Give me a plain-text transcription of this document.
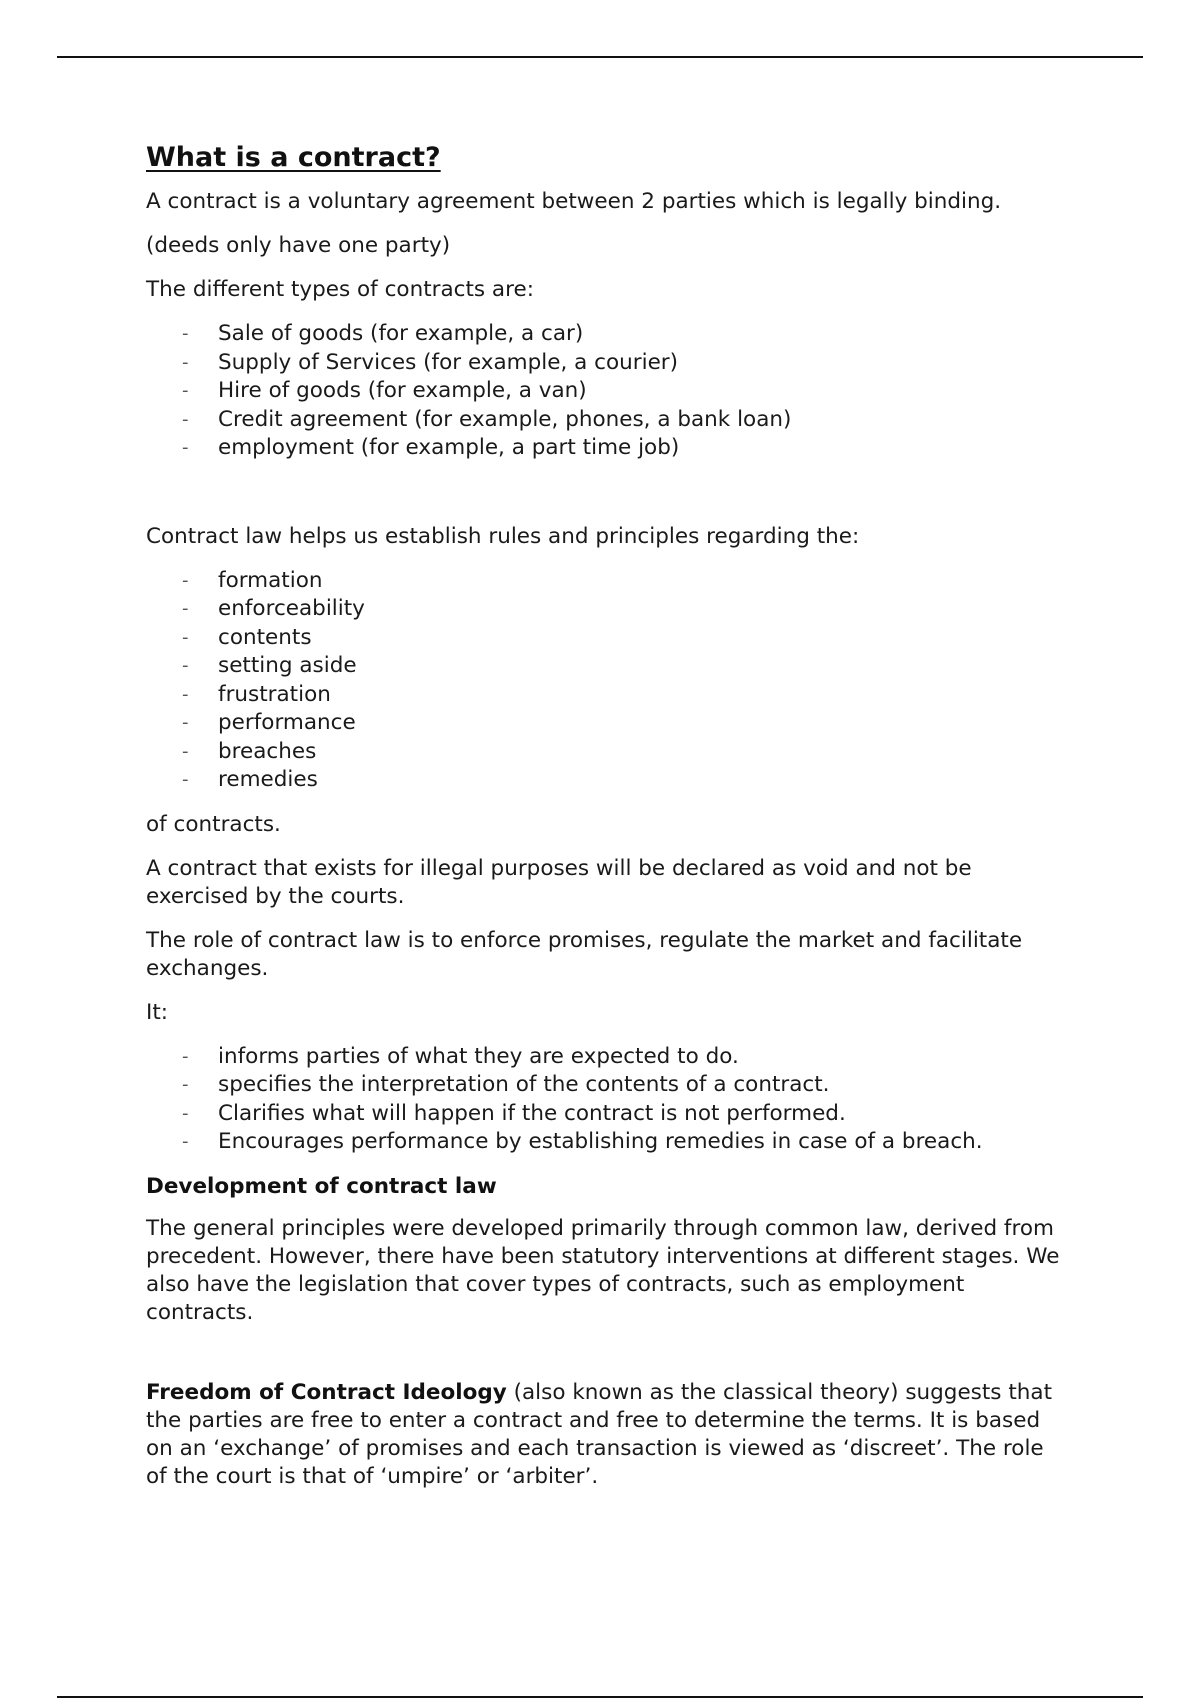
What is a contract?

A contract is a voluntary agreement between 2 parties which is legally binding.

(deeds only have one party)

The different types of contracts are:

- Sale of goods (for example, a car)
- Supply of Services (for example, a courier)
- Hire of goods (for example, a van)
- Credit agreement (for example, phones, a bank loan)
- employment (for example, a part time job)

Contract law helps us establish rules and principles regarding the:

- formation
- enforceability
- contents
- setting aside
- frustration
- performance
- breaches
- remedies

of contracts.

A contract that exists for illegal purposes will be declared as void and not be exercised by the courts.

The role of contract law is to enforce promises, regulate the market and facilitate exchanges.

It:

- informs parties of what they are expected to do.
- specifies the interpretation of the contents of a contract.
- Clarifies what will happen if the contract is not performed.
- Encourages performance by establishing remedies in case of a breach.
Development of contract law

The general principles were developed primarily through common law, derived from precedent. However, there have been statutory interventions at different stages. We also have the legislation that cover types of contracts, such as employment contracts.

Freedom of Contract Ideology (also known as the classical theory) suggests that the parties are free to enter a contract and free to determine the terms. It is based on an ‘exchange’ of promises and each transaction is viewed as ‘discreet’. The role of the court is that of ‘umpire’ or ‘arbiter’.
